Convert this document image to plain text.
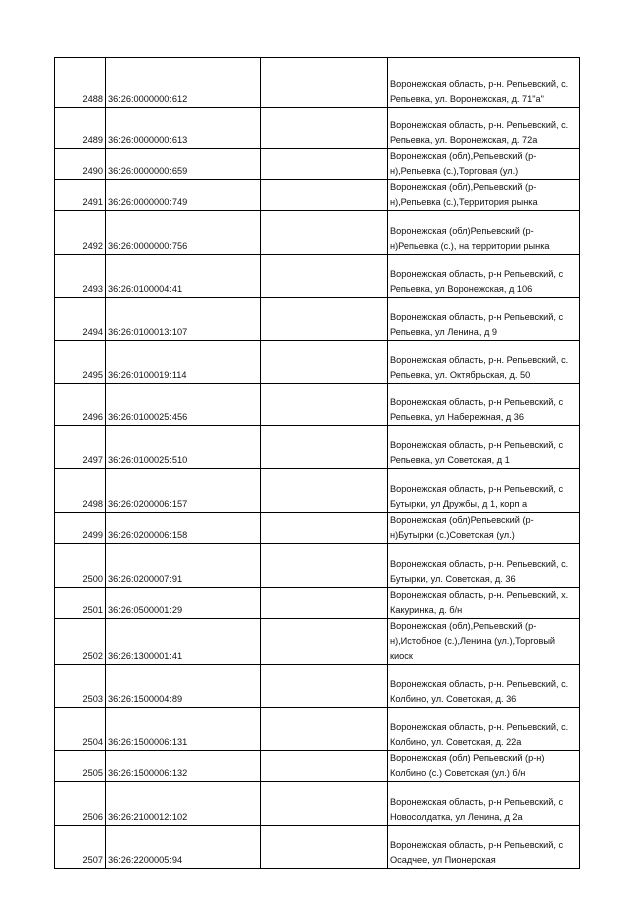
2488	36:26:0000000:612		Воронежская область, р-н. Репьевский, с.
Репьевка, ул. Воронежская, д. 71"а"
2489	36:26:0000000:613		Воронежская область, р-н. Репьевский, с.
Репьевка, ул. Воронежская, д. 72а
2490	36:26:0000000:659		Воронежская (обл),Репьевский (р-
н),Репьевка (с.),Торговая (ул.)
2491	36:26:0000000:749		Воронежская (обл),Репьевский (р-
н),Репьевка (с.),Территория рынка
2492	36:26:0000000:756		Воронежская (обл)Репьевский (р-
н)Репьевка (с.), на территории рынка
2493	36:26:0100004:41		Воронежская область, р-н Репьевский, с
Репьевка, ул Воронежская, д 106
2494	36:26:0100013:107		Воронежская область, р-н Репьевский, с
Репьевка, ул Ленина, д 9
2495	36:26:0100019:114		Воронежская область, р-н. Репьевский, с.
Репьевка, ул. Октябрьская, д. 50
2496	36:26:0100025:456		Воронежская область, р-н Репьевский, с
Репьевка, ул Набережная, д 36
2497	36:26:0100025:510		Воронежская область, р-н Репьевский, с
Репьевка, ул Советская, д 1
2498	36:26:0200006:157		Воронежская область, р-н Репьевский, с
Бутырки, ул Дружбы, д 1, корп а
2499	36:26:0200006:158		Воронежская (обл)Репьевский (р-
н)Бутырки (с.)Советская (ул.)
2500	36:26:0200007:91		Воронежская область, р-н. Репьевский, с.
Бутырки, ул. Советская, д. 36
2501	36:26:0500001:29		Воронежская область, р-н. Репьевский, х.
Какуринка, д. б/н
2502	36:26:1300001:41		Воронежская (обл),Репьевский (р-
н),Истобное (с.),Ленина (ул.),Торговый
киоск
2503	36:26:1500004:89		Воронежская область, р-н. Репьевский, с.
Колбино, ул. Советская, д. 36
2504	36:26:1500006:131		Воронежская область, р-н. Репьевский, с.
Колбино, ул. Советская, д. 22а
2505	36:26:1500006:132		Воронежская (обл) Репьевский (р-н)
Колбино (с.) Советская (ул.) б/н
2506	36:26:2100012:102		Воронежская область, р-н Репьевский, с
Новосолдатка, ул Ленина, д 2а
2507	36:26:2200005:94		Воронежская область, р-н Репьевский, с
Осадчее, ул Пионерская
